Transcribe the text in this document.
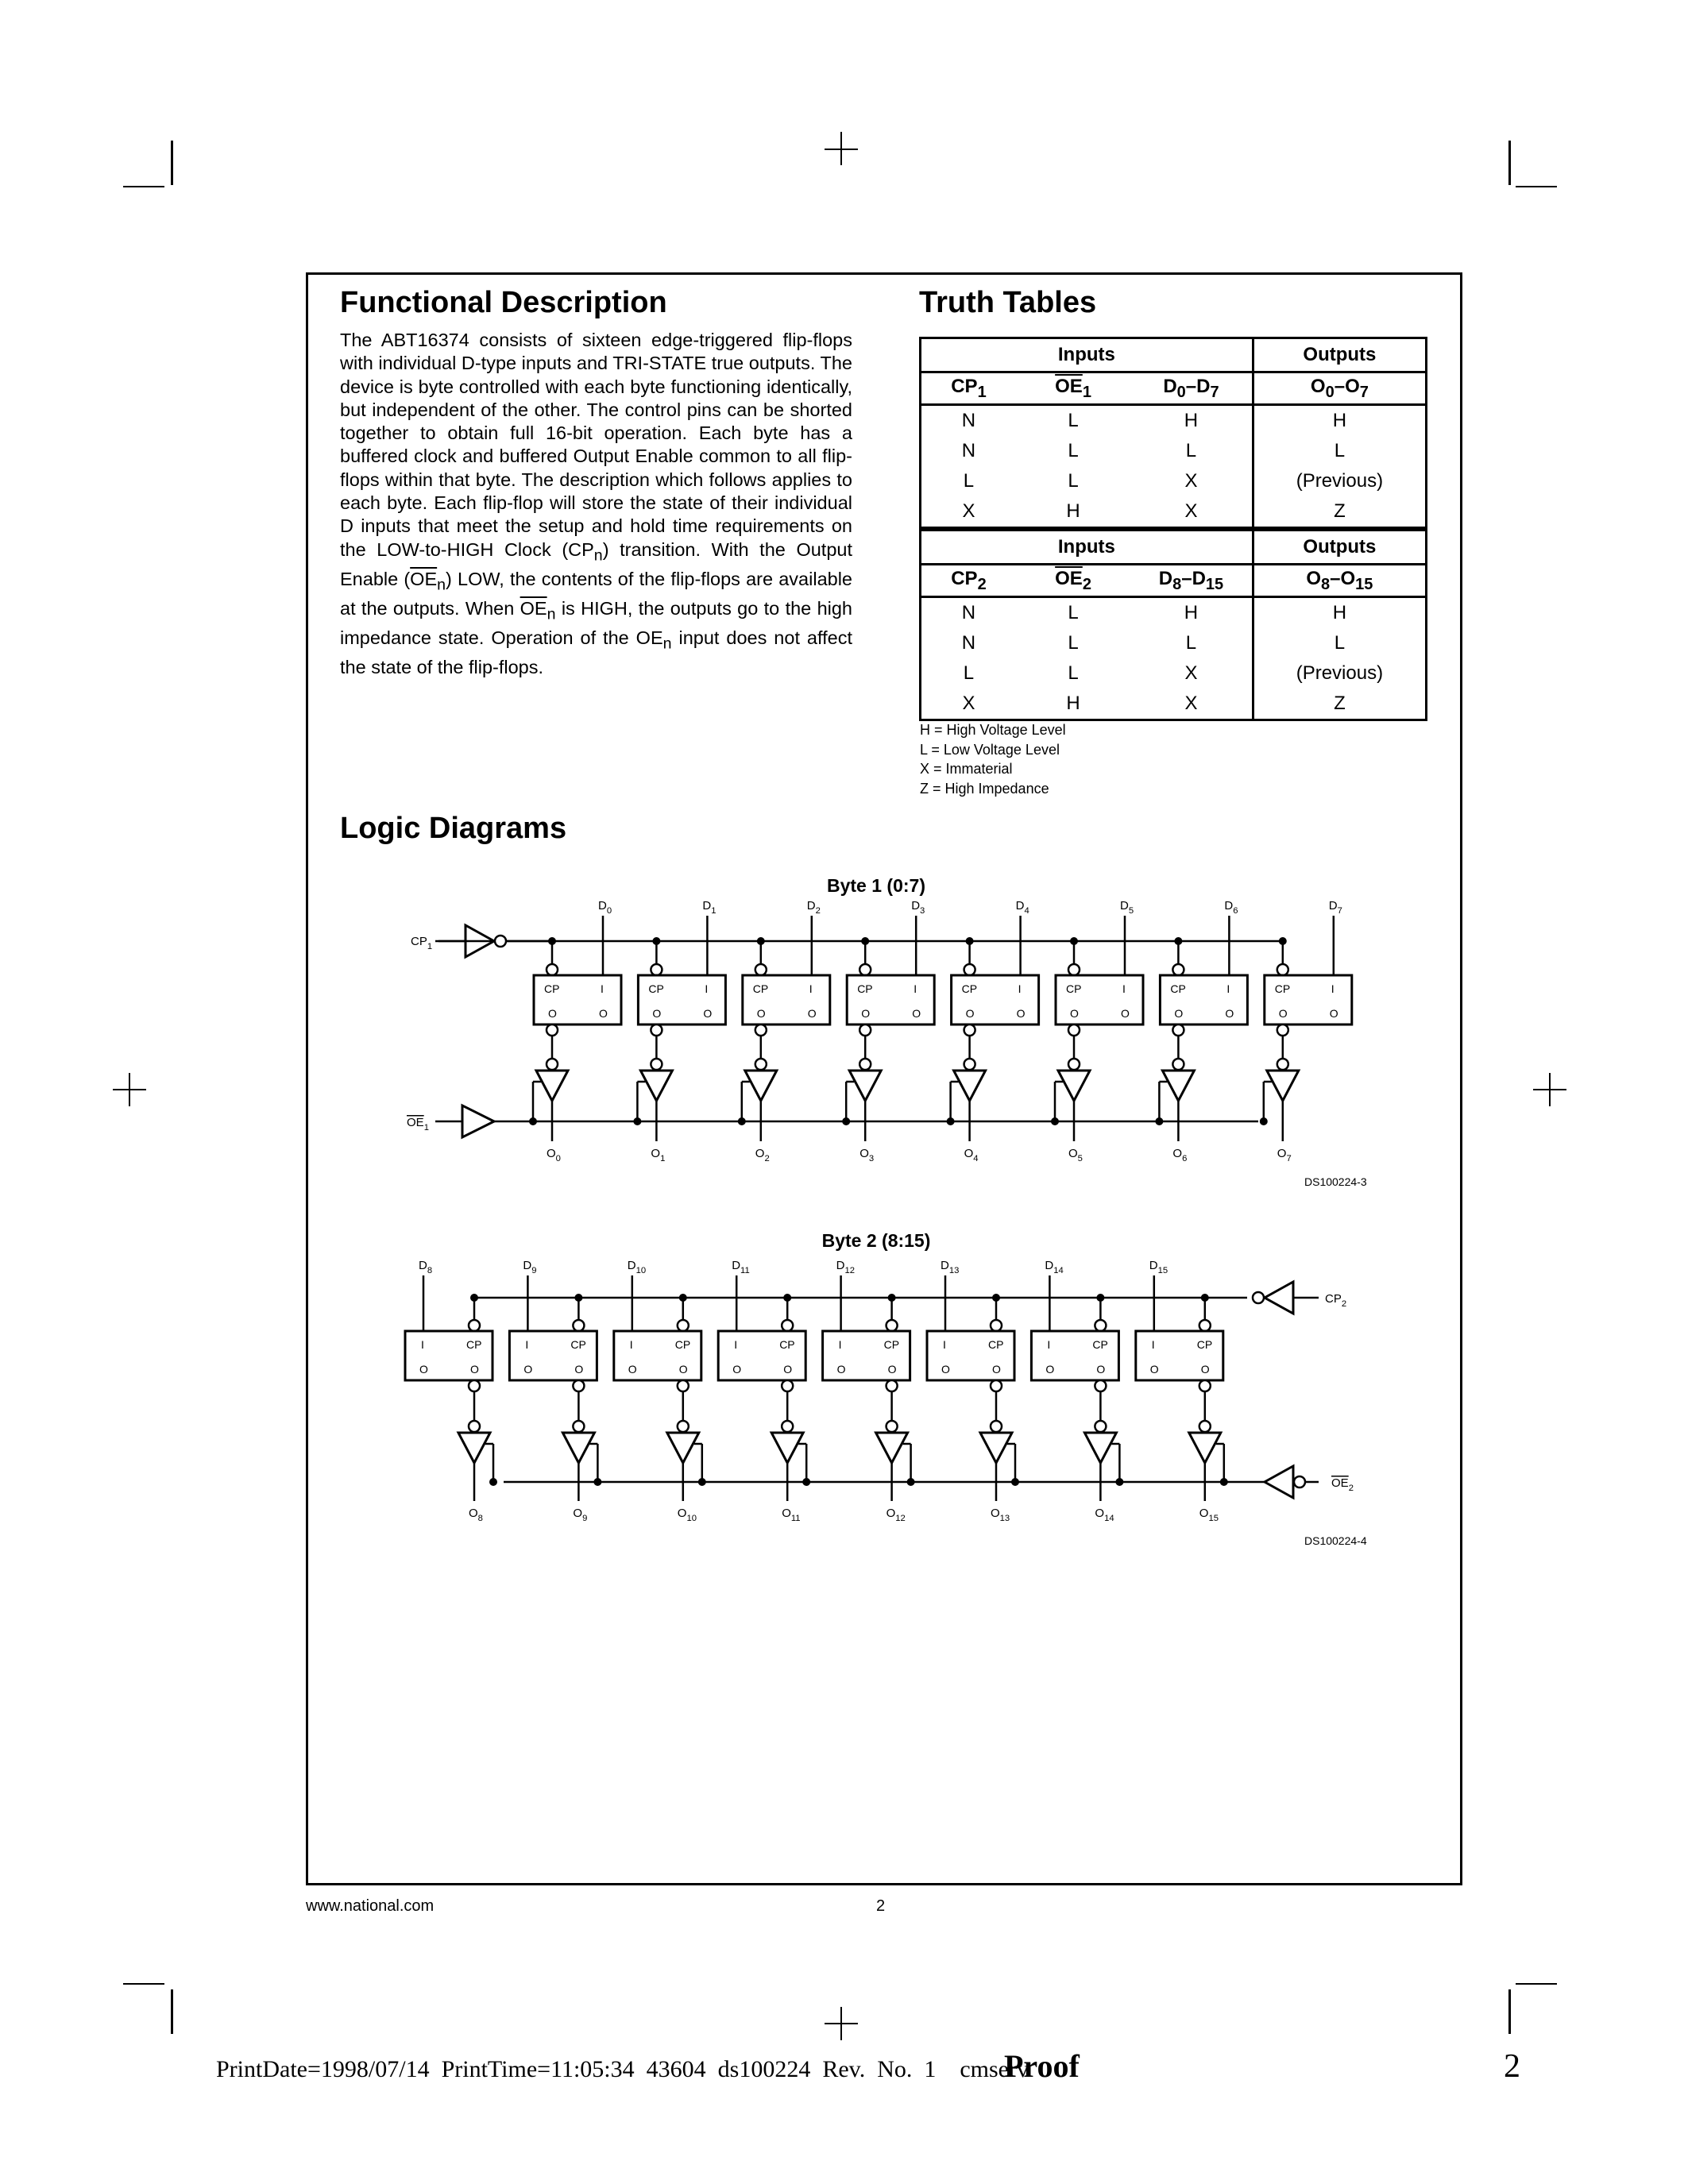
Functional Description
The ABT16374 consists of sixteen edge-triggered flip-flops with individual D-type inputs and TRI-STATE true outputs. The device is byte controlled with each byte functioning identically, but independent of the other. The control pins can be shorted together to obtain full 16-bit operation. Each byte has a buffered clock and buffered Output Enable common to all flip-flops within that byte. The description which follows applies to each byte. Each flip-flop will store the state of their individual D inputs that meet the setup and hold time requirements on the LOW-to-HIGH Clock $(CP_n)$ transition. With the Output Enable $(\overline{OE}_n)$ LOW, the contents of the flip-flops are available at the outputs. When $\overline{OE}_n$ is HIGH, the outputs go to the high impedance state. Operation of the $OE_n$ input does not affect the state of the flip-flops.
Truth Tables
Inputs			Outputs
$CP_1$	$\overline{OE}_1$	$D_0-D_7$	$O_0-O_7$
N	L	H	H
N	L	L	L
L	L	X	(Previous)
X	H	X	Z
Inputs			Outputs
$CP_2$	$\overline{OE}_2$	$D_8-D_{15}$	$O_8-O_{15}$
N	L	H	H
N	L	L	L
L	L	X	(Previous)
X	H	X	Z
H = High Voltage Level
L = Low Voltage Level
X = Immaterial
Z = High Impedance
Logic Diagrams
Byte 1 (0:7)
$CP_1$
$OE_1$
$D_0$
CP	I
O	O
$O_0$
$D_1$
CP	I
O	O
$O_1$
$D_2$
CP	I
O	O
$O_2$
$D_3$
CP	I
O	O
$O_3$
$D_4$
CP	I
O	O
$O_4$
$D_5$
CP	I
O	O
$O_5$
$D_6$
CP	I
O	O
$O_6$
$D_7$
CP	I
O	O
$O_7$
DS100224-3
Byte 2 (8:15)
$CP_2$
$OE_2$
$D_8$
CP
I
O	O
$O_8$
$D_9$
CP
I
O	O
$O_9$
$D_{10}$
CP
I
O	O
$O_{10}$
$D_{11}$
CP
I
O	O
$O_{11}$
$D_{12}$
CP
I
O	O
$O_{12}$
$D_{13}$
CP
I
O	O
$O_{13}$
$D_{14}$
CP
I
O	O
$O_{14}$
$D_{15}$
CP
I
O	O
$O_{15}$
DS100224-4
www.national.com	2
PrintDate=1998/07/14  PrintTime=11:05:34  43604  ds100224  Rev.  No.  1    cmserv
Proof	2
